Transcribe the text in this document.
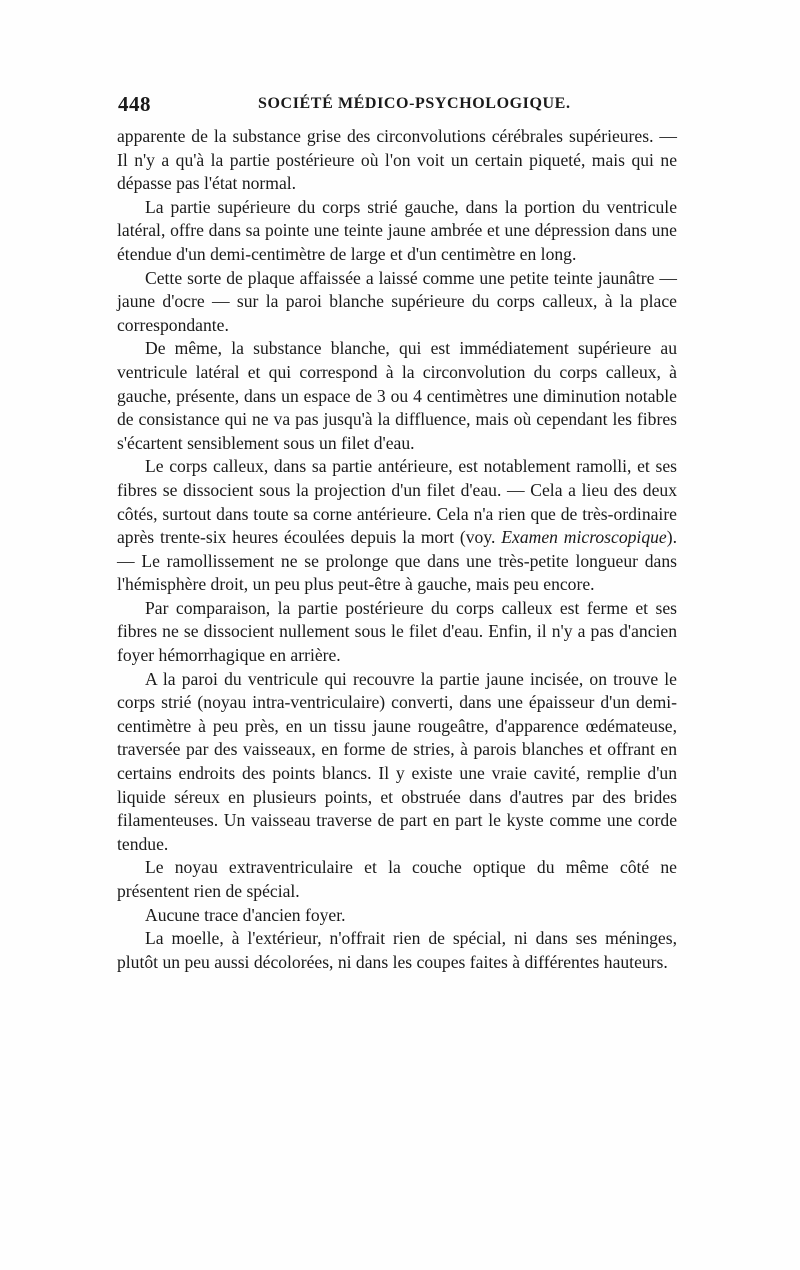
448	SOCIÉTÉ MÉDICO-PSYCHOLOGIQUE.

apparente de la substance grise des circonvolutions cérébrales supérieures. — Il n'y a qu'à la partie postérieure où l'on voit un certain piqueté, mais qui ne dépasse pas l'état normal.

La partie supérieure du corps strié gauche, dans la portion du ventricule latéral, offre dans sa pointe une teinte jaune ambrée et une dépression dans une étendue d'un demi-centimètre de large et d'un centimètre en long.

Cette sorte de plaque affaissée a laissé comme une petite teinte jaunâtre — jaune d'ocre — sur la paroi blanche supérieure du corps calleux, à la place correspondante.

De même, la substance blanche, qui est immédiatement supérieure au ventricule latéral et qui correspond à la circonvolution du corps calleux, à gauche, présente, dans un espace de 3 ou 4 centimètres une diminution notable de consistance qui ne va pas jusqu'à la diffluence, mais où cependant les fibres s'écartent sensiblement sous un filet d'eau.

Le corps calleux, dans sa partie antérieure, est notablement ramolli, et ses fibres se dissocient sous la projection d'un filet d'eau. — Cela a lieu des deux côtés, surtout dans toute sa corne antérieure. Cela n'a rien que de très-ordinaire après trente-six heures écoulées depuis la mort (voy. Examen microscopique). — Le ramollissement ne se prolonge que dans une très-petite longueur dans l'hémisphère droit, un peu plus peut-être à gauche, mais peu encore.

Par comparaison, la partie postérieure du corps calleux est ferme et ses fibres ne se dissocient nullement sous le filet d'eau. Enfin, il n'y a pas d'ancien foyer hémorrhagique en arrière.

A la paroi du ventricule qui recouvre la partie jaune incisée, on trouve le corps strié (noyau intra-ventriculaire) converti, dans une épaisseur d'un demi-centimètre à peu près, en un tissu jaune rougeâtre, d'apparence œdémateuse, traversée par des vaisseaux, en forme de stries, à parois blanches et offrant en certains endroits des points blancs. Il y existe une vraie cavité, remplie d'un liquide séreux en plusieurs points, et obstruée dans d'autres par des brides filamenteuses. Un vaisseau traverse de part en part le kyste comme une corde tendue.

Le noyau extraventriculaire et la couche optique du même côté ne présentent rien de spécial.

Aucune trace d'ancien foyer.

La moelle, à l'extérieur, n'offrait rien de spécial, ni dans ses méninges, plutôt un peu aussi décolorées, ni dans les coupes faites à différentes hauteurs.
